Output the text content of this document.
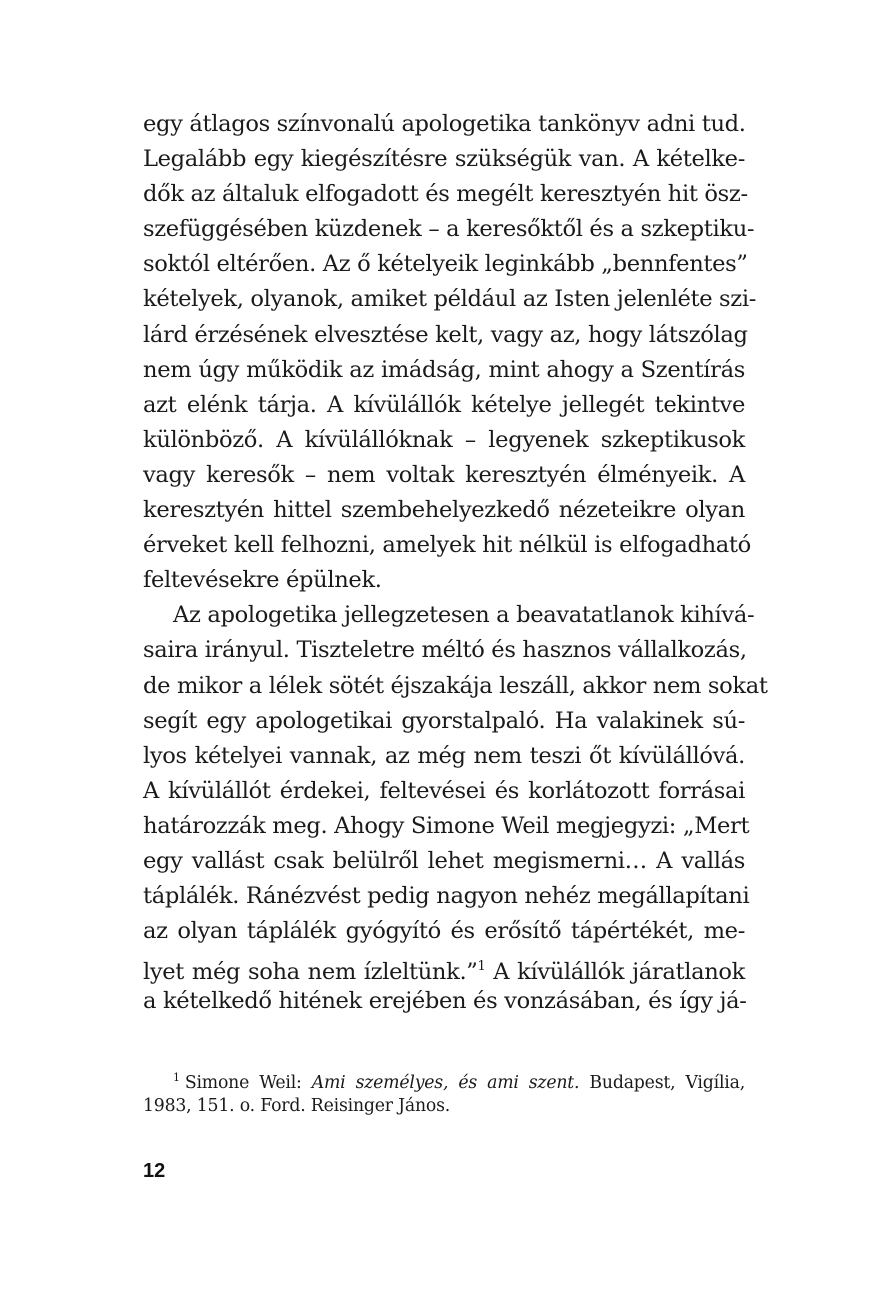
egy átlagos színvonalú apologetika tankönyv adni tud.
Legalább egy kiegészítésre szükségük van. A kételke-
dők az általuk elfogadott és megélt keresztyén hit ösz-
szefüggésében küzdenek – a keresőktől és a szkeptiku-
soktól eltérően. Az ő kételyeik leginkább „bennfentes”
kételyek, olyanok, amiket például az Isten jelenléte szi-
lárd érzésének elvesztése kelt, vagy az, hogy látszólag
nem úgy működik az imádság, mint ahogy a Szentírás
azt elénk tárja. A kívülállók kételye jellegét tekintve
különböző. A kívülállóknak – legyenek szkeptikusok
vagy keresők – nem voltak keresztyén élményeik. A
keresztyén hittel szembehelyezkedő nézeteikre olyan
érveket kell felhozni, amelyek hit nélkül is elfogadható
feltevésekre épülnek.
Az apologetika jellegzetesen a beavatatlanok kihívá-
saira irányul. Tiszteletre méltó és hasznos vállalkozás,
de mikor a lélek sötét éjszakája leszáll, akkor nem sokat
segít egy apologetikai gyorstalpaló. Ha valakinek sú-
lyos kételyei vannak, az még nem teszi őt kívülállóvá.
A kívülállót érdekei, feltevései és korlátozott forrásai
határozzák meg. Ahogy Simone Weil megjegyzi: „Mert
egy vallást csak belülről lehet megismerni… A vallás
táplálék. Ránézvést pedig nagyon nehéz megállapítani
az olyan táplálék gyógyító és erősítő tápértékét, me-
lyet még soha nem ízleltünk.”$^1$ A kívülállók járatlanok
a kételkedő hitének erejében és vonzásában, és így já-
$^1$ Simone Weil: Ami személyes, és ami szent. Budapest, Vigília,
1983, 151. o. Ford. Reisinger János.
12
